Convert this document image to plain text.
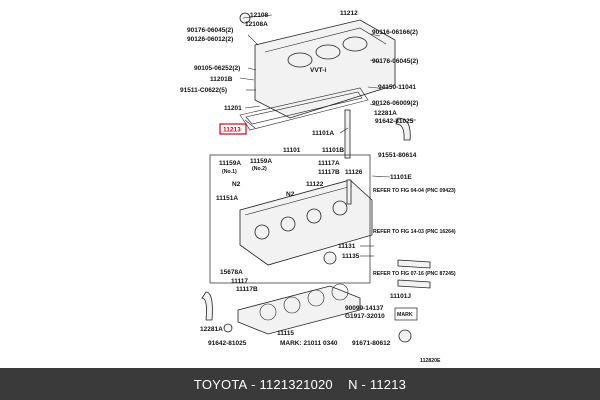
VVT-i
12108
12108A
11212
90176-06045(2)
90126-06012(2)
90116-06166(2)
90105-06252(2)
90176-06045(2)
11201B
91511-C0622(5)	94150-11041
11201
90126-06009(2)
12281A
11213	11101A
91642-81025
11101	11101B
91551-80614
11159A
(No.1)
11159A
(No.2)
11117A
11117B 11126
11122
N2
N2
11151A
11101E
REFER TO FIG 04-04 (PNC 09423)
REFER TO FIG 14-03 (PNC 16264)
REFER TO FIG 07-16 (PNC 87245)
11131
11135
15678A
11117
11117B
11101J
90099-14137
G1917-32010 MARK
12281A
11115
91642-81025	MARK: 21011 0340 91671-80612
112820E
TOYOTA - 1121321020 N - 11213
